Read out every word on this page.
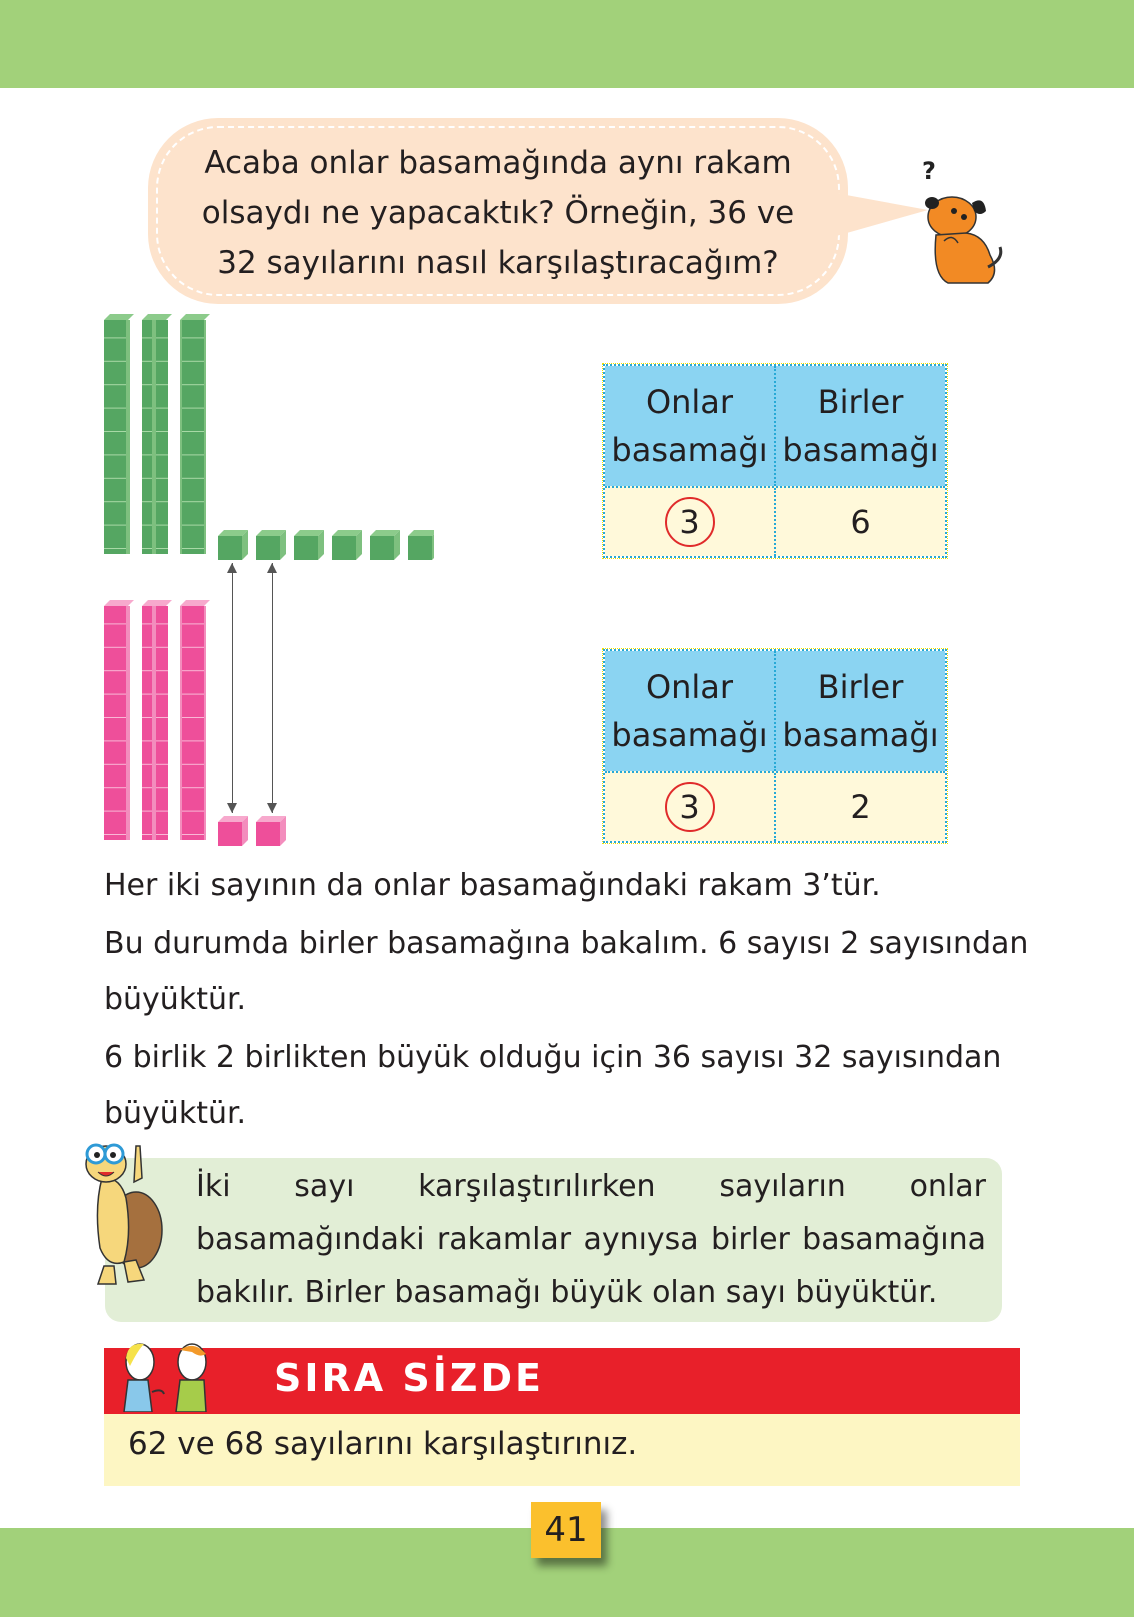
Acaba onlar basamağında aynı rakam
olsaydı ne yapacaktık? Örneğin, 36 ve
32 sayılarını nasıl karşılaştıracağım?
?
Onlar
basamağı
Birler
basamağı
3	6
Onlar
basamağı
Birler
basamağı
3	2
Her iki sayının da onlar basamağındaki rakam 3’tür.
Bu durumda birler basamağına bakalım. 6 sayısı 2 sayısından
büyüktür.
6 birlik 2 birlikten büyük olduğu için 36 sayısı 32 sayısından
büyüktür.
İki sayı karşılaştırılırken sayıların onlar basamağındaki rakamlar aynıysa birler basamağına bakılır. Birler basamağı büyük olan sayı büyüktür.
SIRA SİZDE
62 ve 68 sayılarını karşılaştırınız.
41
